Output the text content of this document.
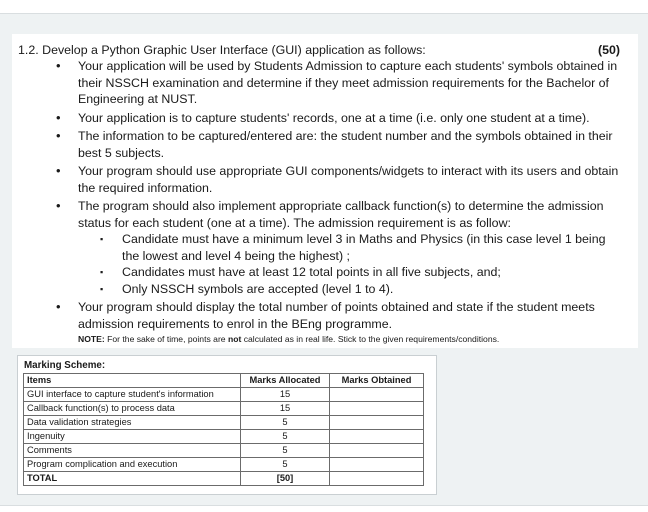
1.2. Develop a Python Graphic User Interface (GUI) application as follows:	(50)
• Your application will be used by Students Admission to capture each students' symbols obtained in their NSSCH examination and determine if they meet admission requirements for the Bachelor of Engineering at NUST.
• Your application is to capture students' records, one at a time (i.e. only one student at a time).
• The information to be captured/entered are: the student number and the symbols obtained in their best 5 subjects.
• Your program should use appropriate GUI components/widgets to interact with its users and obtain the required information.
• The program should also implement appropriate callback function(s) to determine the admission status for each student (one at a time). The admission requirement is as follow:
▪ Candidate must have a minimum level 3 in Maths and Physics (in this case level 1 being the lowest and level 4 being the highest) ;
▪ Candidates must have at least 12 total points in all five subjects, and;
▪ Only NSSCH symbols are accepted (level 1 to 4).
• Your program should display the total number of points obtained and state if the student meets admission requirements to enrol in the BEng programme.
NOTE: For the sake of time, points are not calculated as in real life. Stick to the given requirements/conditions.
Marking Scheme:
Items	Marks Allocated	Marks Obtained
GUI interface to capture student's information	15	
Callback function(s) to process data	15	
Data validation strategies	5	
Ingenuity	5	
Comments	5	
Program complication and execution	5	
TOTAL	[50]	
